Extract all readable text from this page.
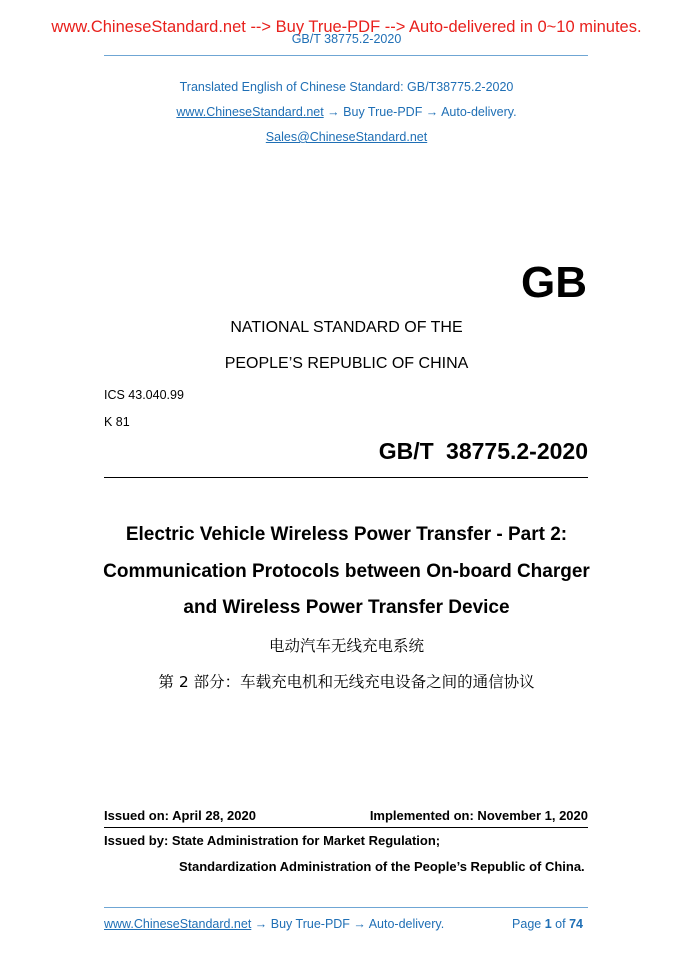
www.ChineseStandard.net --> Buy True-PDF --> Auto-delivered in 0~10 minutes.
GB/T 38775.2-2020
Translated English of Chinese Standard: GB/T38775.2-2020
www.ChineseStandard.net → Buy True-PDF → Auto-delivery.
Sales@ChineseStandard.net
GB
NATIONAL STANDARD OF THE
PEOPLE’S REPUBLIC OF CHINA
ICS 43.040.99
K 81
GB/T 38775.2-2020
Electric Vehicle Wireless Power Transfer - Part 2:
Communication Protocols between On-board Charger
and Wireless Power Transfer Device
电动汽车无线充电系统
第 2 部分：车载充电机和无线充电设备之间的通信协议
Issued on: April 28, 2020	Implemented on: November 1, 2020
Issued by: State Administration for Market Regulation;
Standardization Administration of the People’s Republic of China.
www.ChineseStandard.net → Buy True-PDF → Auto-delivery.	Page 1 of 74
